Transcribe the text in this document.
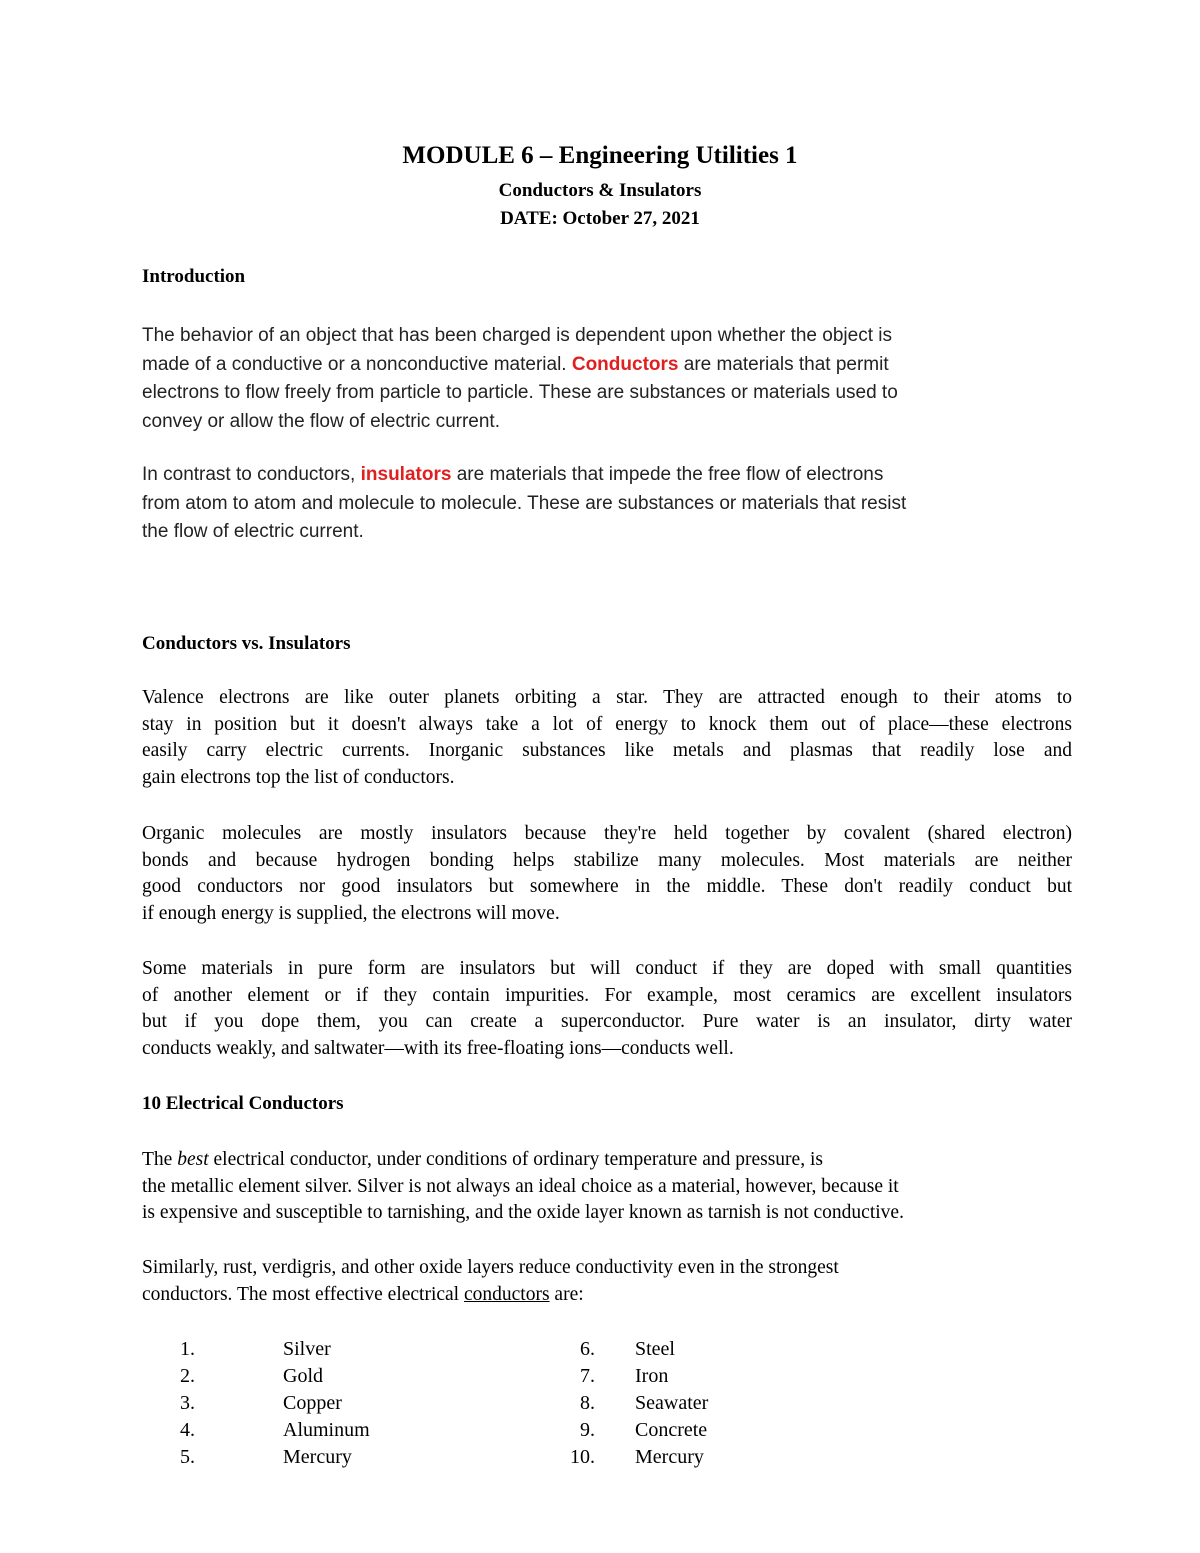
MODULE 6 – Engineering Utilities 1
Conductors & Insulators
DATE: October 27, 2021
Introduction
The behavior of an object that has been charged is dependent upon whether the object is
made of a conductive or a nonconductive material. Conductors are materials that permit
electrons to flow freely from particle to particle. These are substances or materials used to
convey or allow the flow of electric current.
In contrast to conductors, insulators are materials that impede the free flow of electrons
from atom to atom and molecule to molecule. These are substances or materials that resist
the flow of electric current.
Conductors vs. Insulators
Valence electrons are like outer planets orbiting a star. They are attracted enough to their atoms to
stay in position but it doesn't always take a lot of energy to knock them out of place—these electrons
easily carry electric currents. Inorganic substances like metals and plasmas that readily lose and
gain electrons top the list of conductors.
Organic molecules are mostly insulators because they're held together by covalent (shared electron)
bonds and because hydrogen bonding helps stabilize many molecules. Most materials are neither
good conductors nor good insulators but somewhere in the middle. These don't readily conduct but
if enough energy is supplied, the electrons will move.
Some materials in pure form are insulators but will conduct if they are doped with small quantities
of another element or if they contain impurities. For example, most ceramics are excellent insulators
but if you dope them, you can create a superconductor. Pure water is an insulator, dirty water
conducts weakly, and saltwater—with its free-floating ions—conducts well.
10 Electrical Conductors
The best electrical conductor, under conditions of ordinary temperature and pressure, is
the metallic element silver. Silver is not always an ideal choice as a material, however, because it
is expensive and susceptible to tarnishing, and the oxide layer known as tarnish is not conductive.
Similarly, rust, verdigris, and other oxide layers reduce conductivity even in the strongest
conductors. The most effective electrical conductors are:
1.	Silver
2.	Gold
3.	Copper
4.	Aluminum
5.	Mercury
6. Steel
7. Iron
8. Seawater
9. Concrete
10. Mercury
